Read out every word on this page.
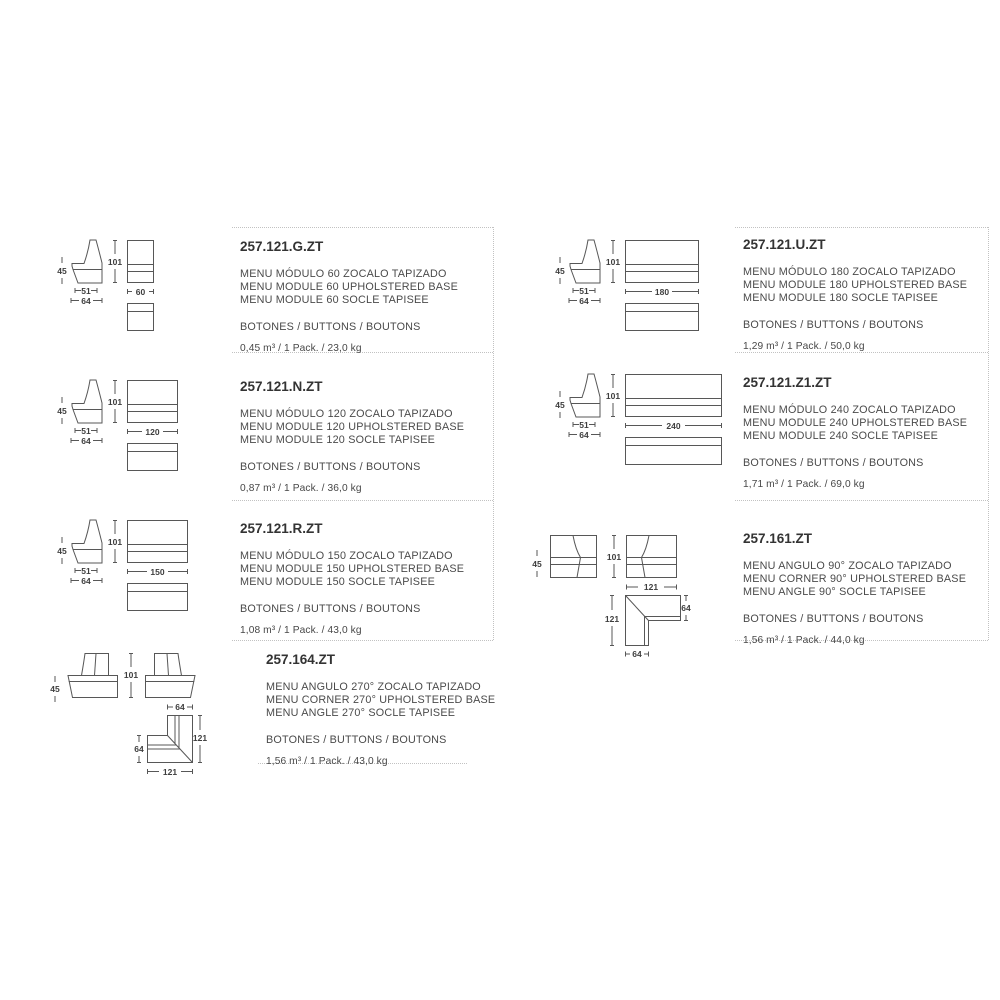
45
101
51
64
60
45
101
51
64
120
45
101
51
64
150
45
101
64
121
64
121
45
101
51
64
180
45
101
51
64
240
45
101
121
121
64
64
257.121.G.ZT
MENU MÓDULO 60 ZOCALO TAPIZADO
MENU MODULE 60 UPHOLSTERED BASE
MENU MODULE 60 SOCLE TAPISEE
BOTONES / BUTTONS / BOUTONS
0,45 m³ / 1 Pack. / 23,0 kg
257.121.N.ZT
MENU MÓDULO 120 ZOCALO TAPIZADO
MENU MODULE 120 UPHOLSTERED BASE
MENU MODULE 120 SOCLE TAPISEE
BOTONES / BUTTONS / BOUTONS
0,87 m³ / 1 Pack. / 36,0 kg
257.121.R.ZT
MENU MÓDULO 150 ZOCALO TAPIZADO
MENU MODULE 150 UPHOLSTERED BASE
MENU MODULE 150 SOCLE TAPISEE
BOTONES / BUTTONS / BOUTONS
1,08 m³ / 1 Pack. / 43,0 kg
257.164.ZT
MENU ANGULO 270° ZOCALO TAPIZADO
MENU CORNER 270° UPHOLSTERED BASE
MENU ANGLE 270° SOCLE TAPISEE
BOTONES / BUTTONS / BOUTONS
1,56 m³ / 1 Pack. / 43,0 kg
257.121.U.ZT
MENU MÓDULO 180 ZOCALO TAPIZADO
MENU MODULE 180 UPHOLSTERED BASE
MENU MODULE 180 SOCLE TAPISEE
BOTONES / BUTTONS / BOUTONS
1,29 m³ / 1 Pack. / 50,0 kg
257.121.Z1.ZT
MENU MÓDULO 240 ZOCALO TAPIZADO
MENU MODULE 240 UPHOLSTERED BASE
MENU MODULE 240 SOCLE TAPISEE
BOTONES / BUTTONS / BOUTONS
1,71 m³ / 1 Pack. / 69,0 kg
257.161.ZT
MENU ANGULO 90° ZOCALO TAPIZADO
MENU CORNER 90° UPHOLSTERED BASE
MENU ANGLE 90° SOCLE TAPISEE
BOTONES / BUTTONS / BOUTONS
1,56 m³ / 1 Pack. / 44,0 kg
